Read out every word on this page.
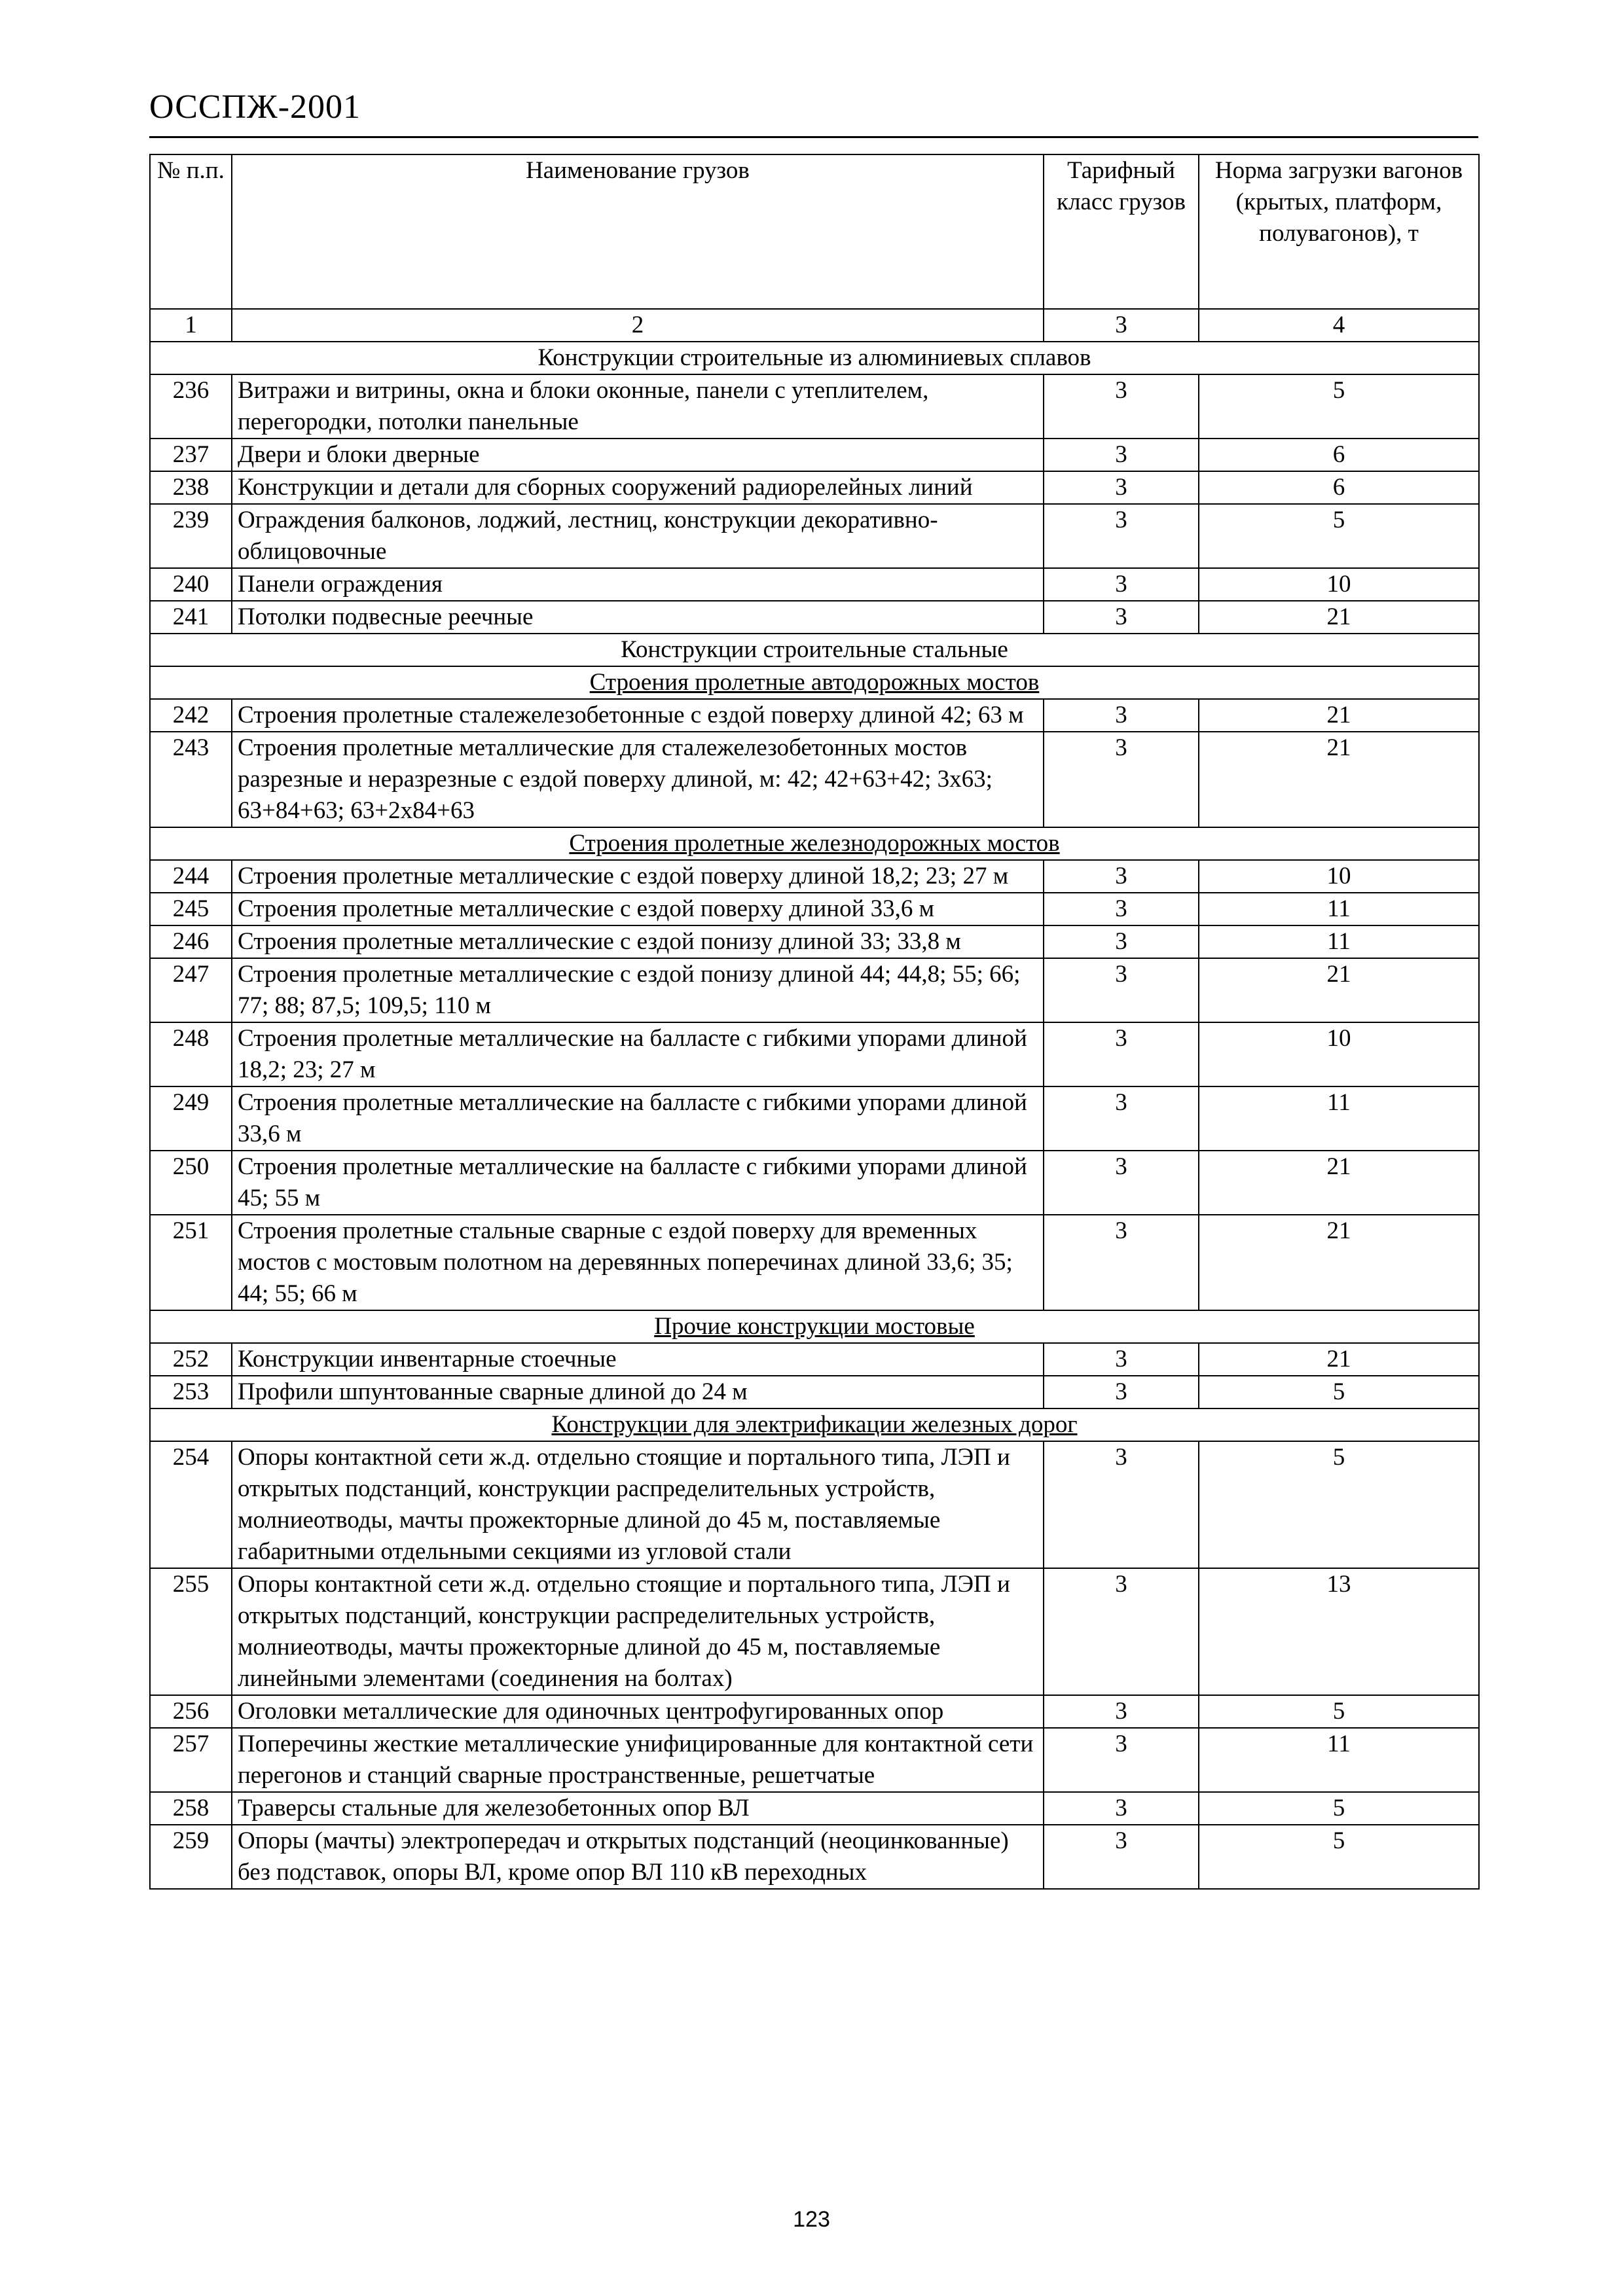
ОССПЖ-2001
№ п.п.	Наименование грузов	Тарифный класс грузов	Норма загрузки вагонов (крытых, платформ, полувагонов), т
1	2	3	4
Конструкции строительные из алюминиевых сплавов			
236	Витражи и витрины, окна и блоки оконные, панели с утеплителем, перегородки, потолки панельные	3	5
237	Двери и блоки дверные	3	6
238	Конструкции и детали для сборных сооружений радиорелейных линий	3	6
239	Ограждения балконов, лоджий, лестниц, конструкции декоративно-облицовочные	3	5
240	Панели ограждения	3	10
241	Потолки подвесные реечные	3	21
Конструкции строительные стальные			
Строения пролетные автодорожных мостов			
242	Строения пролетные сталежелезобетонные с ездой поверху длиной 42; 63 м	3	21
243	Строения пролетные металлические для сталежелезобетонных мостов разрезные и неразрезные с ездой поверху длиной, м: 42; 42+63+42; 3х63; 63+84+63; 63+2х84+63	3	21
Строения пролетные железнодорожных мостов			
244	Строения пролетные металлические с ездой поверху длиной 18,2; 23; 27 м	3	10
245	Строения пролетные металлические с ездой поверху длиной 33,6 м	3	11
246	Строения пролетные металлические с ездой понизу длиной 33; 33,8 м	3	11
247	Строения пролетные металлические с ездой понизу длиной 44; 44,8; 55; 66; 77; 88; 87,5; 109,5; 110 м	3	21
248	Строения пролетные металлические на балласте с гибкими упорами длиной 18,2; 23; 27 м	3	10
249	Строения пролетные металлические на балласте с гибкими упорами длиной 33,6 м	3	11
250	Строения пролетные металлические на балласте с гибкими упорами длиной 45; 55 м	3	21
251	Строения пролетные стальные сварные с ездой поверху для временных мостов с мостовым полотном на деревянных поперечинах длиной 33,6; 35; 44; 55; 66 м	3	21
Прочие конструкции мостовые			
252	Конструкции инвентарные стоечные	3	21
253	Профили шпунтованные сварные длиной до 24 м	3	5
Конструкции для электрификации железных дорог			
254	Опоры контактной сети ж.д. отдельно стоящие и портального типа, ЛЭП и открытых подстанций, конструкции распределительных устройств, молниеотводы, мачты прожекторные длиной до 45 м, поставляемые габаритными отдельными секциями из угловой стали	3	5
255	Опоры контактной сети ж.д. отдельно стоящие и портального типа, ЛЭП и открытых подстанций, конструкции распределительных устройств, молниеотводы, мачты прожекторные длиной до 45 м, поставляемые линейными элементами (соединения на болтах)	3	13
256	Оголовки металлические для одиночных центрофугированных опор	3	5
257	Поперечины жесткие металлические унифицированные для контактной сети перегонов и станций сварные пространственные, решетчатые	3	11
258	Траверсы стальные для железобетонных опор ВЛ	3	5
259	Опоры (мачты) электропередач и открытых подстанций (неоцинкованные) без подставок, опоры ВЛ, кроме опор ВЛ 110 кВ переходных	3	5
123
